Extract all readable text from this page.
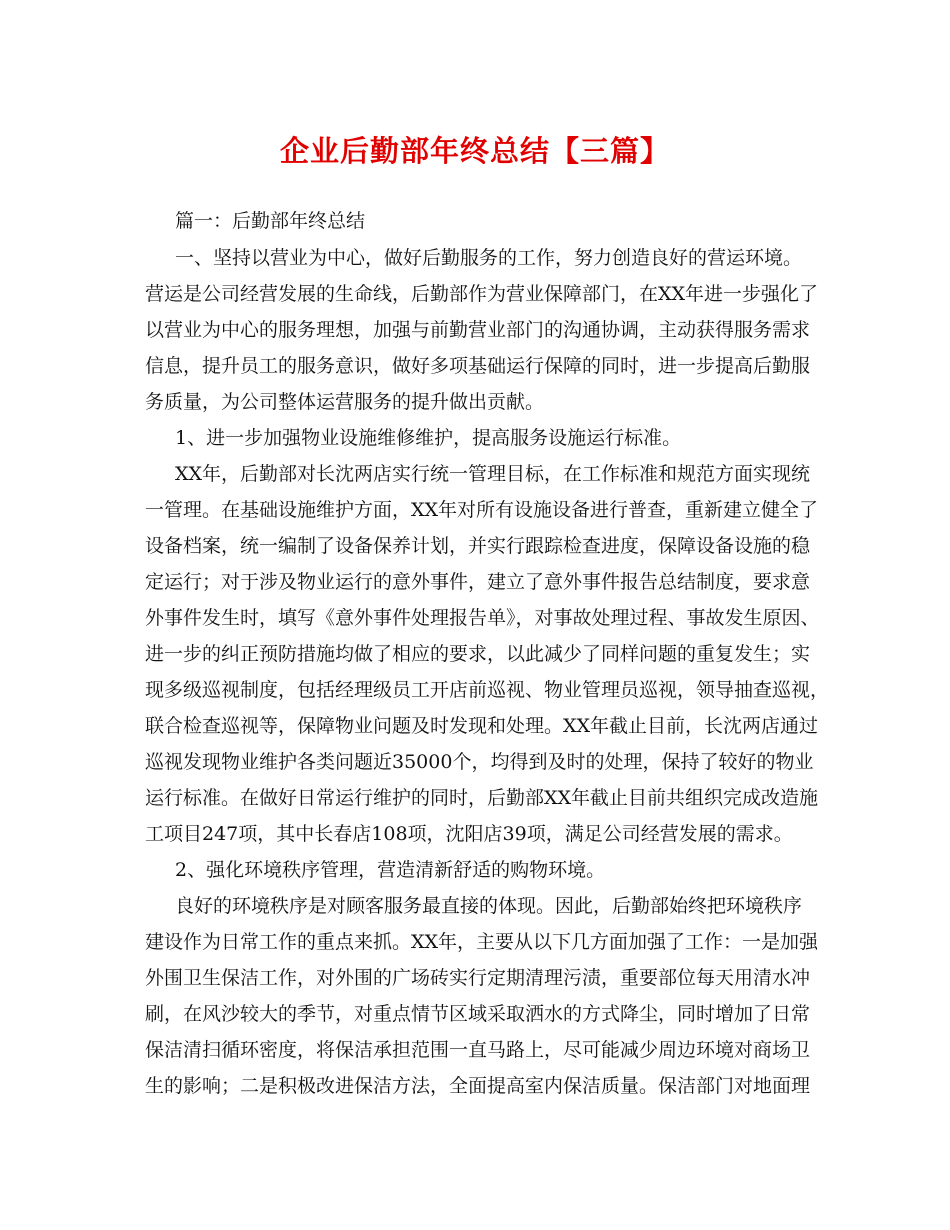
企业后勤部年终总结【三篇】
篇一：后勤部年终总结
一、坚持以营业为中心，做好后勤服务的工作，努力创造良好的营运环境。
营运是公司经营发展的生命线，后勤部作为营业保障部门，在XX年进一步强化了
以营业为中心的服务理想，加强与前勤营业部门的沟通协调，主动获得服务需求
信息，提升员工的服务意识，做好多项基础运行保障的同时，进一步提高后勤服
务质量，为公司整体运营服务的提升做出贡献。
1、进一步加强物业设施维修维护，提高服务设施运行标准。
XX年，后勤部对长沈两店实行统一管理目标，在工作标准和规范方面实现统
一管理。在基础设施维护方面，XX年对所有设施设备进行普查，重新建立健全了
设备档案，统一编制了设备保养计划，并实行跟踪检查进度，保障设备设施的稳
定运行；对于涉及物业运行的意外事件，建立了意外事件报告总结制度，要求意
外事件发生时，填写《意外事件处理报告单》，对事故处理过程、事故发生原因、
进一步的纠正预防措施均做了相应的要求，以此减少了同样问题的重复发生；实
现多级巡视制度，包括经理级员工开店前巡视、物业管理员巡视，领导抽查巡视，
联合检查巡视等，保障物业问题及时发现和处理。XX年截止目前，长沈两店通过
巡视发现物业维护各类问题近35000个，均得到及时的处理，保持了较好的物业
运行标准。在做好日常运行维护的同时，后勤部XX年截止目前共组织完成改造施
工项目247项，其中长春店108项，沈阳店39项，满足公司经营发展的需求。
2、强化环境秩序管理，营造清新舒适的购物环境。
良好的环境秩序是对顾客服务最直接的体现。因此，后勤部始终把环境秩序
建设作为日常工作的重点来抓。XX年，主要从以下几方面加强了工作：一是加强
外围卫生保洁工作，对外围的广场砖实行定期清理污渍，重要部位每天用清水冲
刷，在风沙较大的季节，对重点情节区域采取洒水的方式降尘，同时增加了日常
保洁清扫循环密度，将保洁承担范围一直马路上，尽可能减少周边环境对商场卫
生的影响；二是积极改进保洁方法，全面提高室内保洁质量。保洁部门对地面理
